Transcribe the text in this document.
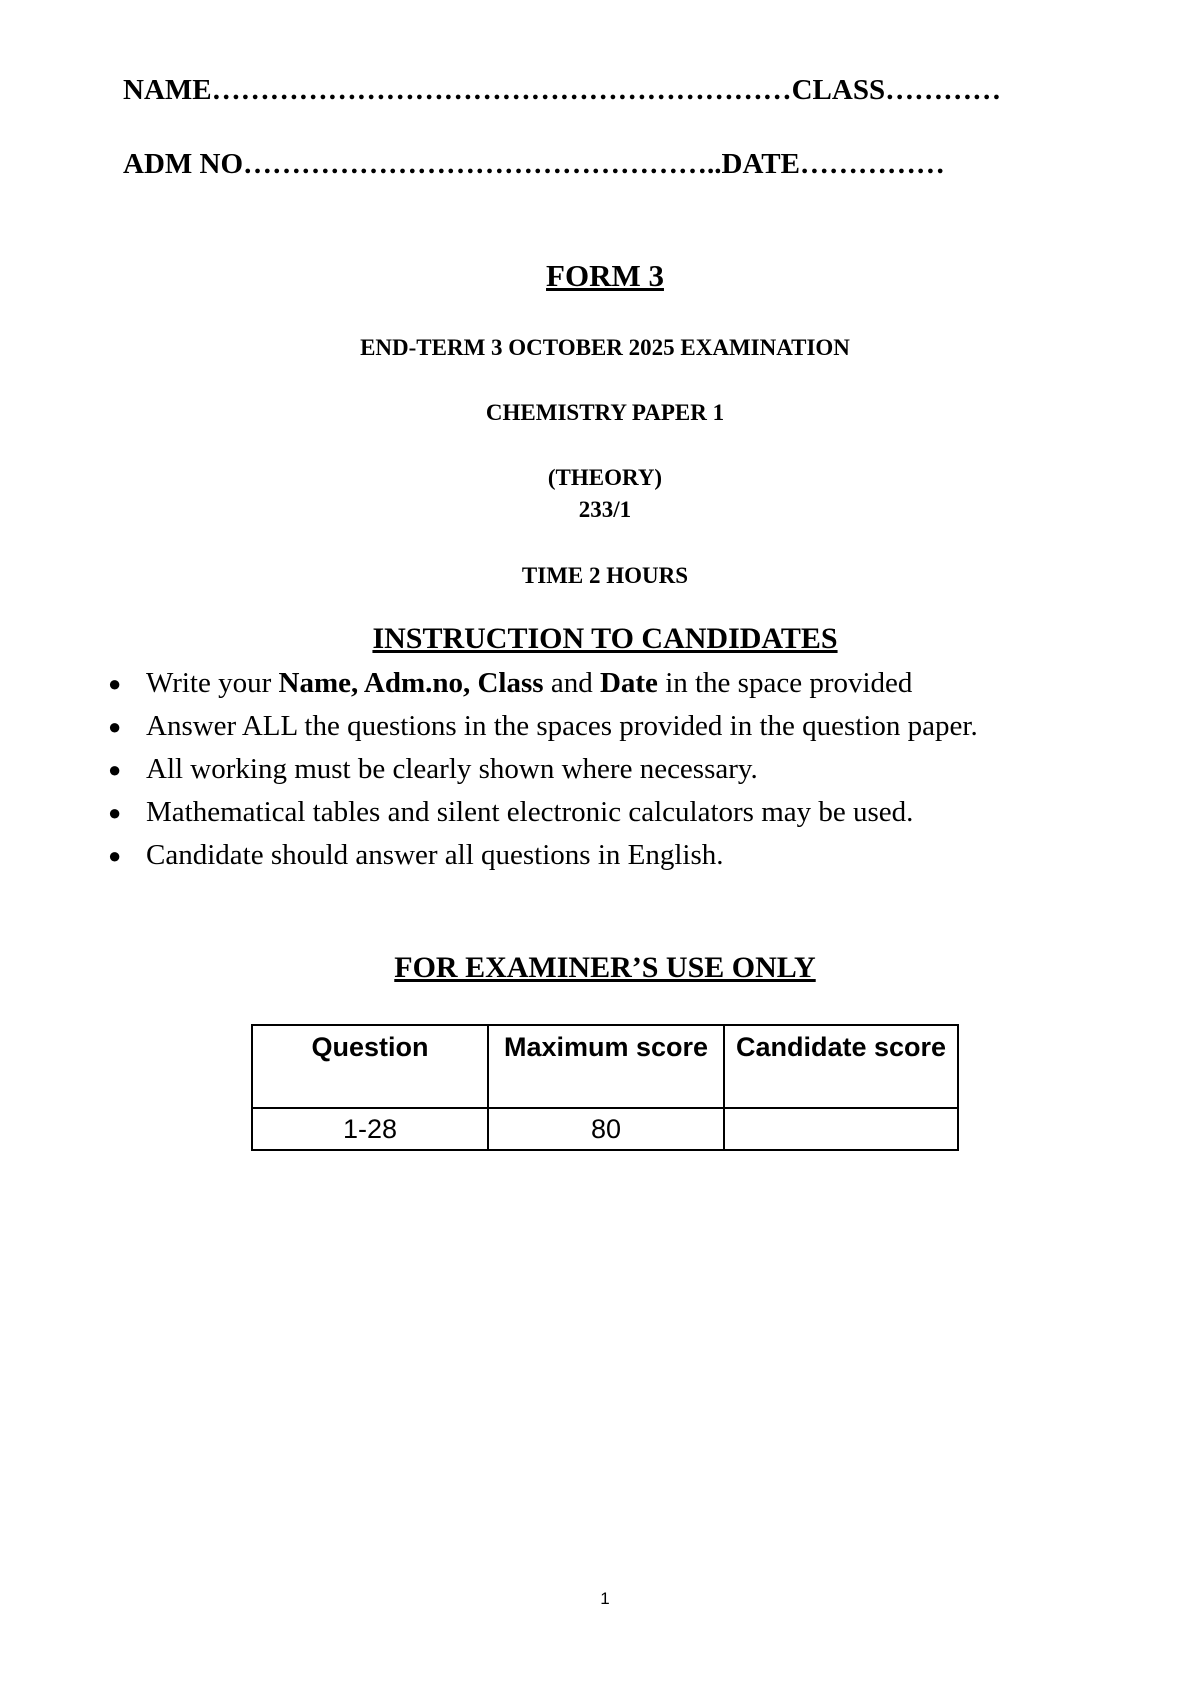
NAME……………………………………………………CLASS…………
ADM NO…………………………………………..DATE……………
FORM 3
END-TERM 3 OCTOBER 2025 EXAMINATION
CHEMISTRY PAPER 1
(THEORY)
233/1
TIME 2 HOURS
INSTRUCTION TO CANDIDATES
● Write your Name, Adm.no, Class and Date in the space provided
● Answer ALL the questions in the spaces provided in the question paper.
● All working must be clearly shown where necessary.
● Mathematical tables and silent electronic calculators may be used.
● Candidate should answer all questions in English.
FOR EXAMINER’S USE ONLY
Question	Maximum score	Candidate score
1-28	80	
1
